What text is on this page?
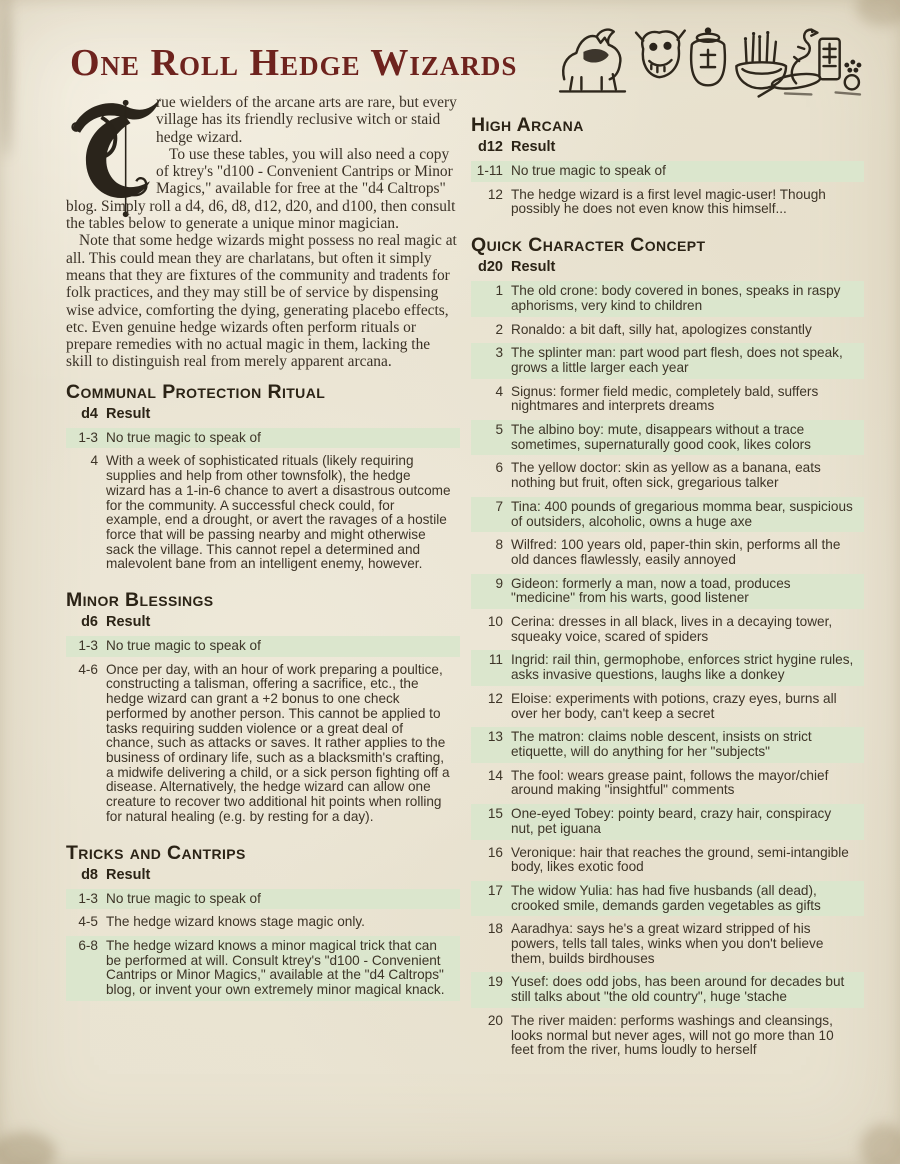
One Roll Hedge Wizards

rue wielders of the arcane arts are rare, but every village has its friendly reclusive witch or staid hedge wizard.

To use these tables, you will also need a copy of ktrey's "d100 - Convenient Cantrips or Minor Magics," available for free at the "d4 Caltrops" blog. Simply roll a d4, d6, d8, d12, d20, and d100, then consult the tables below to generate a unique minor magician.

Note that some hedge wizards might possess no real magic at all. This could mean they are charlatans, but often it simply means that they are fixtures of the community and tradents for folk practices, and they may still be of service by dispensing wise advice, comforting the dying, generating placebo effects, etc. Even genuine hedge wizards often perform rituals or prepare remedies with no actual magic in them, lacking the skill to distinguish real from merely apparent arcana.

Communal Protection Ritual
d4 Result
1-3 No true magic to speak of
4 With a week of sophisticated rituals (likely requiring supplies and help from other townsfolk), the hedge wizard has a 1-in-6 chance to avert a disastrous outcome for the community. A successful check could, for example, end a drought, or avert the ravages of a hostile force that will be passing nearby and might otherwise sack the village. This cannot repel a determined and malevolent bane from an intelligent enemy, however.
Minor Blessings
d6 Result
1-3 No true magic to speak of
4-6 Once per day, with an hour of work preparing a poultice, constructing a talisman, offering a sacrifice, etc., the hedge wizard can grant a +2 bonus to one check performed by another person. This cannot be applied to tasks requiring sudden violence or a great deal of chance, such as attacks or saves. It rather applies to the business of ordinary life, such as a blacksmith's crafting, a midwife delivering a child, or a sick person fighting off a disease. Alternatively, the hedge wizard can allow one creature to recover two additional hit points when rolling for natural healing (e.g. by resting for a day).
Tricks and Cantrips
d8 Result
1-3 No true magic to speak of
4-5 The hedge wizard knows stage magic only.
6-8 The hedge wizard knows a minor magical trick that can be performed at will. Consult ktrey's "d100 - Convenient Cantrips or Minor Magics," available at the "d4 Caltrops" blog, or invent your own extremely minor magical knack.
High Arcana
d12 Result
1-11 No true magic to speak of
12 The hedge wizard is a first level magic-user! Though possibly he does not even know this himself...
Quick Character Concept
d20 Result
1 The old crone: body covered in bones, speaks in raspy aphorisms, very kind to children
2 Ronaldo: a bit daft, silly hat, apologizes constantly
3 The splinter man: part wood part flesh, does not speak, grows a little larger each year
4 Signus: former field medic, completely bald, suffers nightmares and interprets dreams
5 The albino boy: mute, disappears without a trace sometimes, supernaturally good cook, likes colors
6 The yellow doctor: skin as yellow as a banana, eats nothing but fruit, often sick, gregarious talker
7 Tina: 400 pounds of gregarious momma bear, suspicious of outsiders, alcoholic, owns a huge axe
8 Wilfred: 100 years old, paper-thin skin, performs all the old dances flawlessly, easily annoyed
9 Gideon: formerly a man, now a toad, produces "medicine" from his warts, good listener
10 Cerina: dresses in all black, lives in a decaying tower, squeaky voice, scared of spiders
11 Ingrid: rail thin, germophobe, enforces strict hygine rules, asks invasive questions, laughs like a donkey
12 Eloise: experiments with potions, crazy eyes, burns all over her body, can't keep a secret
13 The matron: claims noble descent, insists on strict etiquette, will do anything for her "subjects"
14 The fool: wears grease paint, follows the mayor/chief around making "insightful" comments
15 One-eyed Tobey: pointy beard, crazy hair, conspiracy nut, pet iguana
16 Veronique: hair that reaches the ground, semi-intangible body, likes exotic food
17 The widow Yulia: has had five husbands (all dead), crooked smile, demands garden vegetables as gifts
18 Aaradhya: says he's a great wizard stripped of his powers, tells tall tales, winks when you don't believe them, builds birdhouses
19 Yusef: does odd jobs, has been around for decades but still talks about "the old country", huge 'stache
20 The river maiden: performs washings and cleansings, looks normal but never ages, will not go more than 10 feet from the river, hums loudly to herself
